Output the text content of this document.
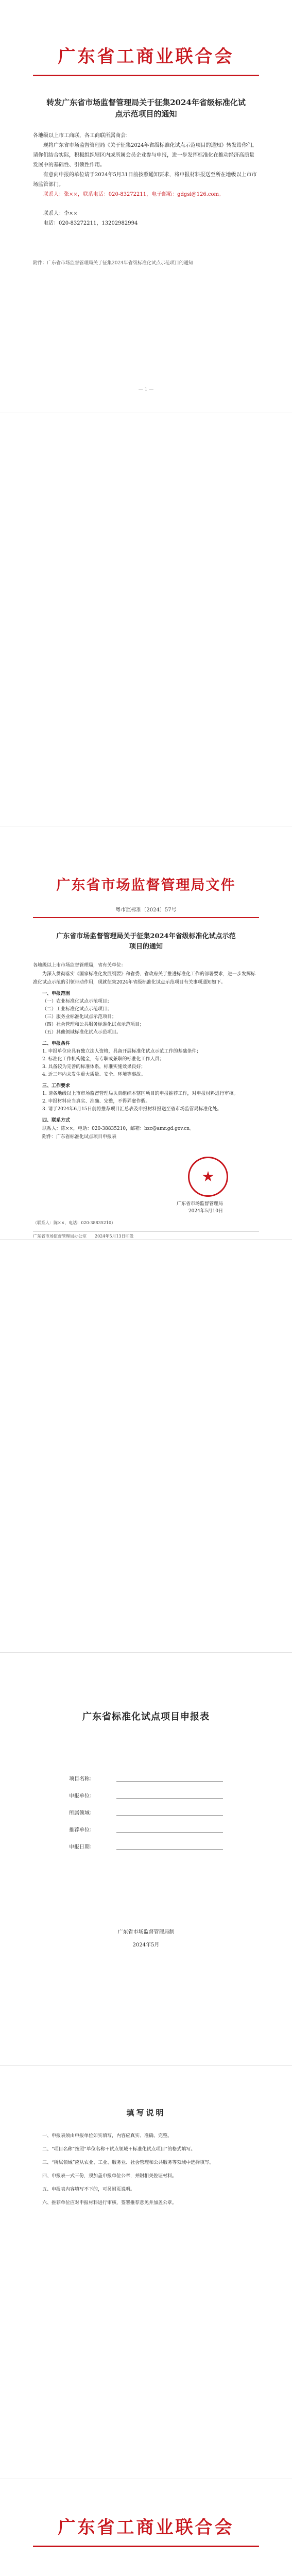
广东省工商业联合会
转发广东省市场监督管理局关于征集2024年省级标准化试点示范项目的通知

各地级以上市工商联，各工商联所属商会：

现将广东省市场监督管理局《关于征集2024年省级标准化试点示范项目的通知》转发给你们。请你们结合实际，积极组织辖区内或所属会员企业参与申报，进一步发挥标准化在推动经济高质量发展中的基础性、引领性作用。

有意向申报的单位请于2024年5月31日前按照通知要求，将申报材料报送至所在地级以上市市场监管部门。

联系人：张××，联系电话：020-83272211，电子邮箱：gdgsl@126.com。

联系人：李××

电话：020-83272211，13202982994

附件：广东省市场监督管理局关于征集2024年省级标准化试点示范项目的通知

— 1 —
广东省市场监督管理局文件

粤市监标准〔2024〕57号

广东省市场监督管理局关于征集2024年省级标准化试点示范项目的通知

各地级以上市市场监督管理局，省有关单位：

为深入贯彻落实《国家标准化发展纲要》和省委、省政府关于推进标准化工作的部署要求，进一步发挥标准化试点示范的引领带动作用，现就征集2024年省级标准化试点示范项目有关事项通知如下。

一、申报范围

（一）农业标准化试点示范项目；

（二）工业标准化试点示范项目；

（三）服务业标准化试点示范项目；

（四）社会管理和公共服务标准化试点示范项目；

（五）其他领域标准化试点示范项目。

二、申报条件

1. 申报单位应具有独立法人资格，具备开展标准化试点示范工作的基础条件；

2. 标准化工作机构健全，有专职或兼职的标准化工作人员；

3. 具备较为完善的标准体系，标准实施效果良好；

4. 近三年内未发生重大质量、安全、环境等事故。

三、工作要求

1. 请各地级以上市市场监督管理局认真组织本辖区项目的申报推荐工作，对申报材料进行审核。

2. 申报材料应当真实、准确、完整，不得弄虚作假。

3. 请于2024年6月15日前将推荐项目汇总表及申报材料报送至省市场监管局标准化处。

四、联系方式

联系人：陈××，电话：020-38835210，邮箱：bzc@amr.gd.gov.cn。

附件：广东省标准化试点项目申报表

广东省市场监督管理局
2024年5月10日

（联系人：陈××，电话：020-38835210）

广东省市场监督管理局办公室　　2024年5月13日印发

广东省标准化试点项目申报表
项目名称：
申报单位：
所属领域：
推荐单位：
申报日期：

广东省市场监督管理局制

2024年5月

填写说明

一、申报表须由申报单位如实填写，内容应真实、准确、完整。

二、“项目名称”按照“单位名称＋试点领域＋标准化试点项目”的格式填写。

三、“所属领域”应从农业、工业、服务业、社会管理和公共服务等领域中选择填写。

四、申报表一式三份，须加盖申报单位公章，并附相关佐证材料。

五、申报表内容填写不下的，可另附页说明。

六、推荐单位应对申报材料进行审核，签署推荐意见并加盖公章。

广东省工商业联合会
